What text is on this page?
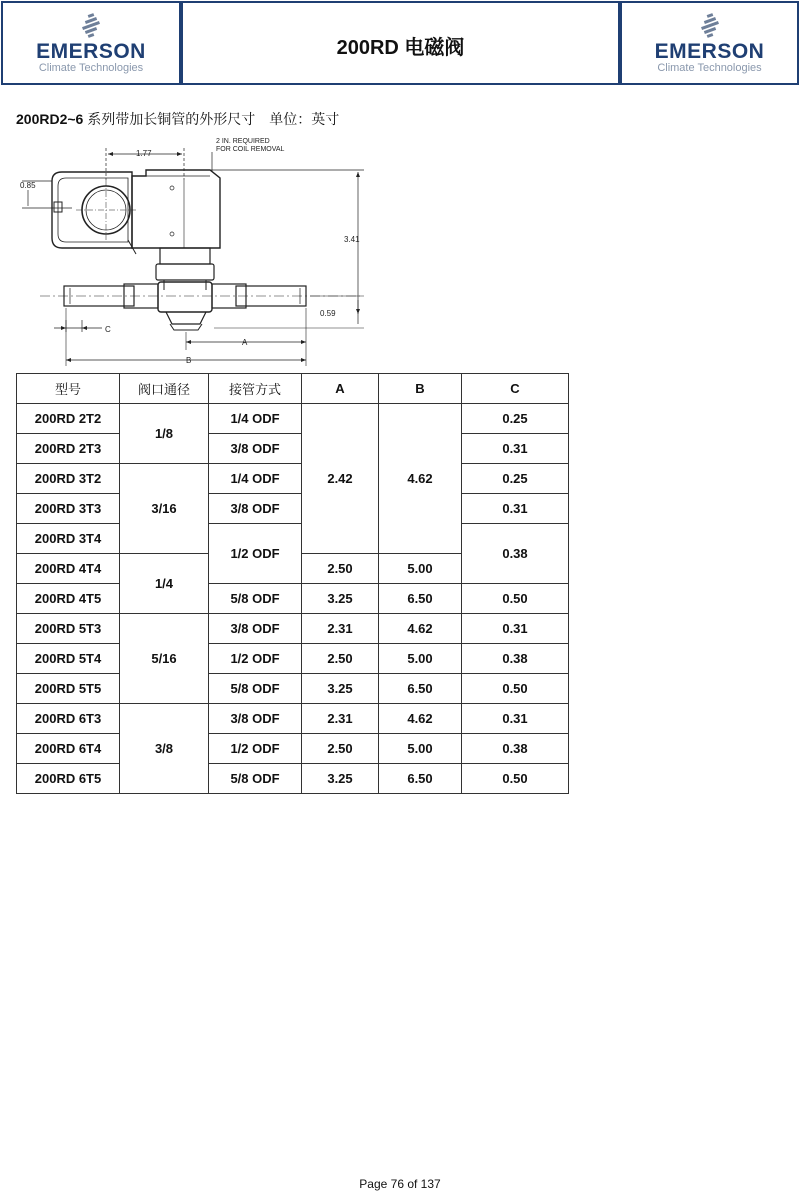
EMERSON
Climate Technologies
200RD 电磁阀	EMERSON
Climate Technologies
200RD2~6 系列带加长铜管的外形尺寸　单位：英寸
2 IN. REQUIRED
FOR COIL REMOVAL
1.77
0.85
3.41
0.59
C
A
B
型号	阀口通径	接管方式	A	B	C
200RD 2T2	1/8	1/4 ODF	2.42	4.62	0.25
200RD 2T3		3/8 ODF			0.31
200RD 3T2	3/16	1/4 ODF			0.25
200RD 3T3		3/8 ODF			0.31
200RD 3T4		1/2 ODF			0.38
200RD 4T4	1/4		2.50	5.00	
200RD 4T5		5/8 ODF	3.25	6.50	0.50
200RD 5T3	5/16	3/8 ODF	2.31	4.62	0.31
200RD 5T4		1/2 ODF	2.50	5.00	0.38
200RD 5T5		5/8 ODF	3.25	6.50	0.50
200RD 6T3	3/8	3/8 ODF	2.31	4.62	0.31
200RD 6T4		1/2 ODF	2.50	5.00	0.38
200RD 6T5		5/8 ODF	3.25	6.50	0.50
Page 76 of 137
